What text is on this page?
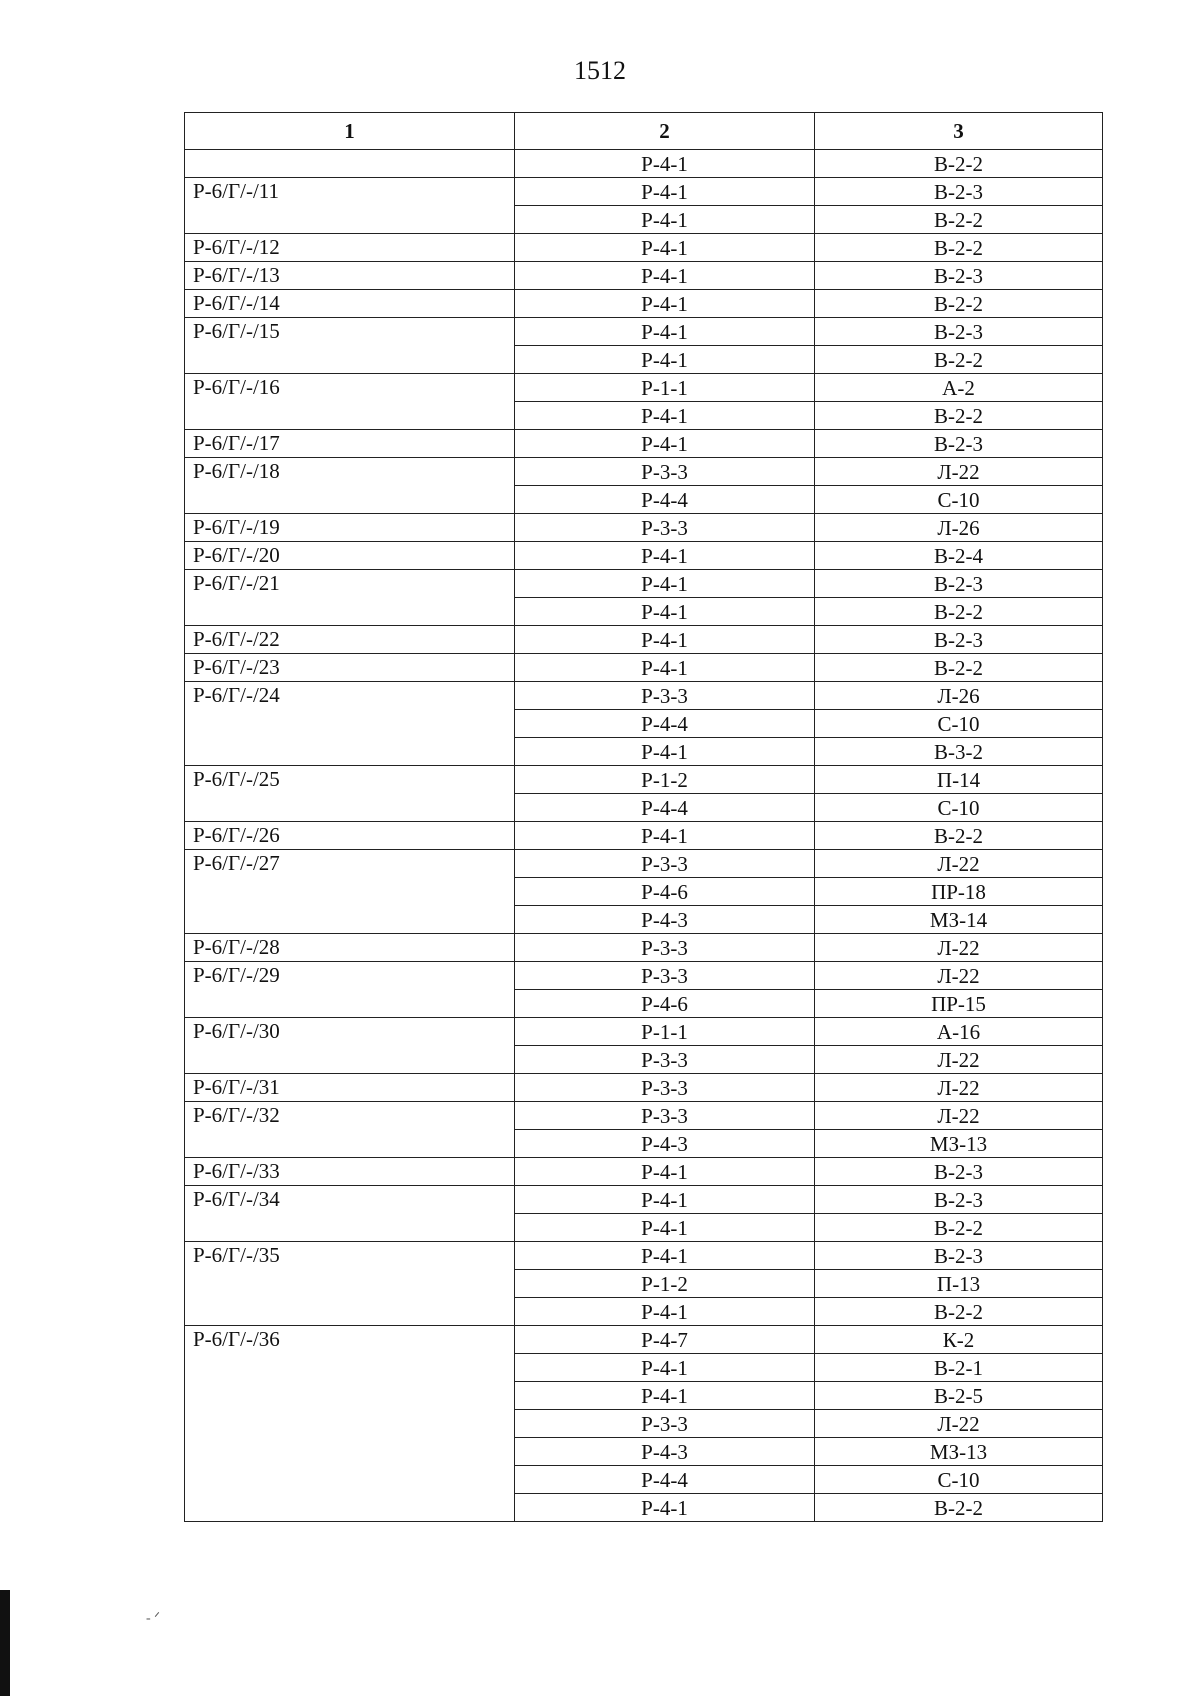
1512
1	2	3
	Р-4-1	В-2-2
Р-6/Г/-/11	Р-4-1	В-2-3
	Р-4-1	В-2-2
Р-6/Г/-/12	Р-4-1	В-2-2
Р-6/Г/-/13	Р-4-1	В-2-3
Р-6/Г/-/14	Р-4-1	В-2-2
Р-6/Г/-/15	Р-4-1	В-2-3
	Р-4-1	В-2-2
Р-6/Г/-/16	Р-1-1	А-2
	Р-4-1	В-2-2
Р-6/Г/-/17	Р-4-1	В-2-3
Р-6/Г/-/18	Р-3-3	Л-22
	Р-4-4	С-10
Р-6/Г/-/19	Р-3-3	Л-26
Р-6/Г/-/20	Р-4-1	В-2-4
Р-6/Г/-/21	Р-4-1	В-2-3
	Р-4-1	В-2-2
Р-6/Г/-/22	Р-4-1	В-2-3
Р-6/Г/-/23	Р-4-1	В-2-2
Р-6/Г/-/24	Р-3-3	Л-26
	Р-4-4	С-10
	Р-4-1	В-3-2
Р-6/Г/-/25	Р-1-2	П-14
	Р-4-4	С-10
Р-6/Г/-/26	Р-4-1	В-2-2
Р-6/Г/-/27	Р-3-3	Л-22
	Р-4-6	ПР-18
	Р-4-3	МЗ-14
Р-6/Г/-/28	Р-3-3	Л-22
Р-6/Г/-/29	Р-3-3	Л-22
	Р-4-6	ПР-15
Р-6/Г/-/30	Р-1-1	А-16
	Р-3-3	Л-22
Р-6/Г/-/31	Р-3-3	Л-22
Р-6/Г/-/32	Р-3-3	Л-22
	Р-4-3	МЗ-13
Р-6/Г/-/33	Р-4-1	В-2-3
Р-6/Г/-/34	Р-4-1	В-2-3
	Р-4-1	В-2-2
Р-6/Г/-/35	Р-4-1	В-2-3
	Р-1-2	П-13
	Р-4-1	В-2-2
Р-6/Г/-/36	Р-4-7	К-2
	Р-4-1	В-2-1
	Р-4-1	В-2-5
	Р-3-3	Л-22
	Р-4-3	МЗ-13
	Р-4-4	С-10
	Р-4-1	В-2-2
- ᐟ
